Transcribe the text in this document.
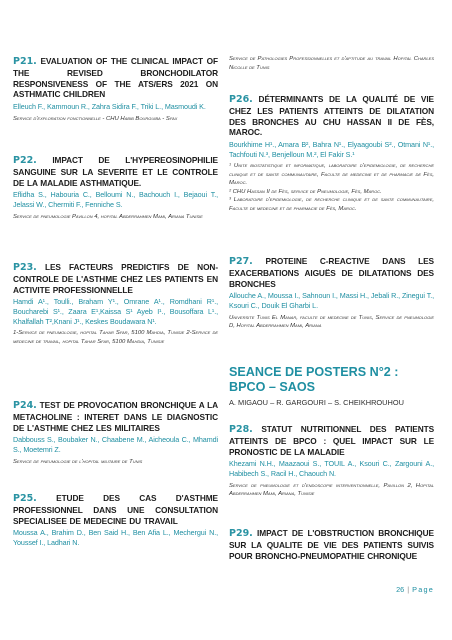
P21. EVALUATION OF THE CLINICAL IMPACT OF THE REVISED BRONCHODILATOR RESPONSIVENESS OF THE ATS/ERS 2021 ON ASTHMATIC CHILDREN

Elleuch F., Kammoun R., Zahra Sidira F., Triki L., Masmoudi K.

Service d'exploration fonctionnelle - CHU Habib Bourguiba - Sfax

P22. IMPACT DE L'HYPEREOSINOPHILIE SANGUINE SUR LA SEVERITE ET LE CONTROLE DE LA MALADIE ASTHMATIQUE.

Eflidha S., Habouria C., Belloumi N., Bachouch I., Bejaoui T., Jelassi W., Chermiti F., Fenniche S.

Service de pneumologie Pavillon 4, hopital Abderrahmen Mami, Ariana Tunisie

P23. LES FACTEURS PREDICTIFS DE NON-CONTROLE DE L'ASTHME CHEZ LES PATIENTS EN ACTIVITE PROFESSIONNELLE

Hamdi A¹., Toulli., Braham Y¹., Omrane A¹., Romdhani R¹., Boucharebi S¹., Zaara E¹,Kaissa S¹ Ayeb I¹., Bousoffara L¹., Khalfallah T²,Knani J¹., Keskes Boudawara N¹.

1-Service de pneumologie, hopital Tahar Sfar, 5100 Mahdia, Tunisie 2-Service de medecine de travail, hopital Tahar Sfar, 5100 Mahdia, Tunisie

P24. TEST DE PROVOCATION BRONCHIQUE A LA METACHOLINE : INTERET DANS LE DIAGNOSTIC DE L'ASTHME CHEZ LES MILITAIRES

Dabbouss S., Boubaker N., Chaabene M., Aicheoula C., Mhamdi S., Moetemri Z.

Service de pneumologie de l'hopital militaire de Tunis

P25. ETUDE DES CAS D'ASTHME PROFESSIONNEL DANS UNE CONSULTATION SPECIALISEE DE MEDECINE DU TRAVAIL

Moussa A., Brahim D., Ben Said H., Ben Afia L., Mechergui N., Youssef I., Ladhari N.

Service de Pathologies Professionnelles et d'aptitude au travail Hopital Charles Nicolle de Tunis

P26. DÉTERMINANTS DE LA QUALITÉ DE VIE CHEZ LES PATIENTS ATTEINTS DE DILATATION DES BRONCHES AU CHU HASSAN II DE FÈS, MAROC.

Bourkhime H¹., Amara B², Bahra N¹., Elyaagoubi S²., Otmani N¹., Tachfouti N.³, Benjelloun M.², El Fakir S.¹

¹ Unite biostatistique et informatique, laboratoire d'epidemiologie, de recherche clinique et de sante communautaire, Faculte de medecine et de pharmacie de Fès, Maroc.

² CHU Hassan II de Fès, service de Pneumologie, Fès, Maroc.

³ Laboratoire d'epidemiologie, de recherche clinique et de sante communautaire, Faculte de medecine et de pharmacie de Fès, Maroc.

P27. PROTEINE C-REACTIVE DANS LES EXACERBATIONS AIGUËS DE DILATATIONS DES BRONCHES

Allouche A., Moussa I., Sahnoun I., Massi H., Jebali R., Zinegui T., Ksouri C., Douik El Gharbi L.

Universite Tunis El Manar, faculte de medecine de Tunis, Service de pneumologie D, Hopital Abderrahmen Mami, Ariana

SEANCE DE POSTERS N°2 :
BPCO – SAOS

A. MIGAOU – R. GARGOURI – S. CHEIKHROUHOU

P28. STATUT NUTRITIONNEL DES PATIENTS ATTEINTS DE BPCO : QUEL IMPACT SUR LE PRONOSTIC DE LA MALADIE

Khezami N.H., Maazaoui S., TOUIL A., Ksouri C., Zargouni A., Habibech S., Racil H., Chaouch N.

Service de pneumologie et d'endoscopie interventionnelle, Pavillon 2, Hopital Abderrahmen Mami, Ariana, Tunisie

P29. IMPACT DE L'OBSTRUCTION BRONCHIQUE SUR LA QUALITE DE VIE DES PATIENTS SUIVIS POUR BRONCHO-PNEUMOPATHIE CHRONIQUE

26 | Page
